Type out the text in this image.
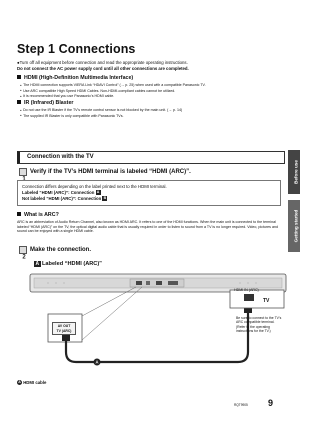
Step 1 Connections
●Turn off all equipment before connection and read the appropriate operating instructions.
Do not connect the AC power supply cord until all other connections are completed.
HDMI (High-Definition Multimedia Interface)
● The HDMI connection supports VIERA Link “HDAVI Control” (→ p. 25) when used with a compatible Panasonic TV.
● Use ARC compatible High Speed HDMI Cables. Non-HDMI-compliant cables cannot be utilized.
● It is recommended that you use Panasonic’s HDMI cable.
IR (Infrared) Blaster
● Do not use the IR Blaster if the TV’s remote control sensor is not blocked by the main unit. (→ p. 14)
● The supplied IR Blaster is only compatible with Panasonic TVs.
Connection with the TV
1
Verify if the TV’s HDMI terminal is labeled “HDMI (ARC)”.
Connection differs depending on the label printed next to the HDMI terminal.
Labeled “HDMI (ARC)”: Connection A
Not labeled “HDMI (ARC)”: Connection B
What is ARC?
ARC is an abbreviation of Audio Return Channel, also known as HDMI ARC. It refers to one of the HDMI functions. When the main unit is connected to the terminal labeled “HDMI (ARC)” on the TV, the optical digital audio cable that is usually required in order to listen to sound from a TV is no longer required. Video, pictures and sound can be enjoyed with a single HDMI cable.
2
Make the connection.
A Labeled “HDMI (ARC)”
A
AV OUT
TV (ARC)
HDMI IN (ARC)
TV
Be sure to connect to the TV’s ARC compatible terminal. (Refer to the operating instructions for the TV.)
A HDMI cable
Before use
Getting started
RQT9905 9
